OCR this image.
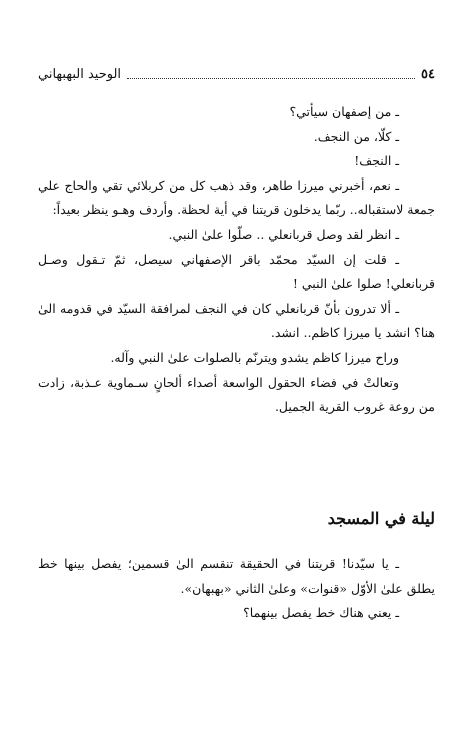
٥٤
الوحيد البهبهاني

ـ من إصفهان سيأتي؟

ـ كلّا، من النجف.

ـ النجف!

ـ نعم، أخبرني ميرزا طاهر، وقد ذهب كل من كربلائي تقي والحاج علي جمعة لاستقباله.. ربّما يدخلون قريتنا في أية لحظة. وأردف وهـو ينظر بعيداً:

ـ انظر لقد وصل قربانعلي .. صلّوا علىٰ النبي.

ـ قلت إن السيّد محمّد باقر الإصفهاني سيصل، ثمّ تـقول وصـل قربانعلي! صلوا علىٰ النبي !

ـ ألا تدرون بأنّ قربانعلي كان في النجف لمرافقة السيّد في قدومه الىٰ هنا؟ انشد يا ميرزا كاظم.. انشد.

وراح ميرزا كاظم يشدو ويترنّم بالصلوات علىٰ النبي وآله.

وتعالتْ في فضاء الحقول الواسعة أصداء ألحانٍ سـماوية عـذبة، زادت من روعة غروب القرية الجميل.

ليلة في المسجد

ـ يا سيّدنا! قريتنا في الحقيقة تنقسم الىٰ قسمين؛ يفصل بينها خط يطلق علىٰ الأوّل «قنوات» وعلىٰ الثاني «بهبهان».

ـ يعني هناك خط يفصل بينهما؟
